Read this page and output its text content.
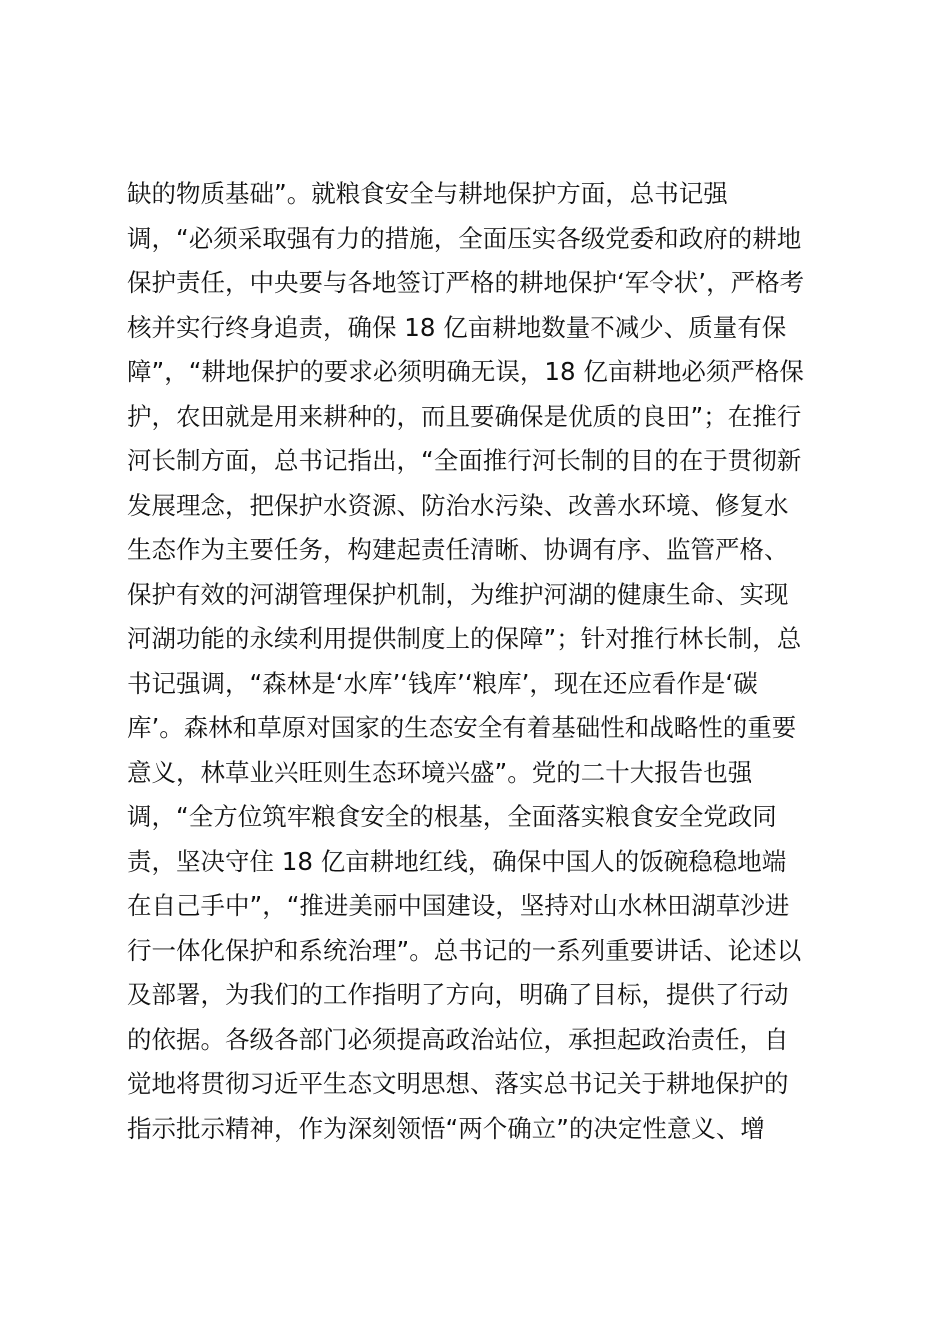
缺的物质基础”。就粮食安全与耕地保护方面，总书记强
调，“必须采取强有力的措施，全面压实各级党委和政府的耕地
保护责任，中央要与各地签订严格的耕地保护‘军令状’，严格考
核并实行终身追责，确保 18 亿亩耕地数量不减少、质量有保
障”，“耕地保护的要求必须明确无误，18 亿亩耕地必须严格保
护，农田就是用来耕种的，而且要确保是优质的良田”；在推行
河长制方面，总书记指出，“全面推行河长制的目的在于贯彻新
发展理念，把保护水资源、防治水污染、改善水环境、修复水
生态作为主要任务，构建起责任清晰、协调有序、监管严格、
保护有效的河湖管理保护机制，为维护河湖的健康生命、实现
河湖功能的永续利用提供制度上的保障”；针对推行林长制，总
书记强调，“森林是‘水库’‘钱库’‘粮库’，现在还应看作是‘碳
库’。森林和草原对国家的生态安全有着基础性和战略性的重要
意义，林草业兴旺则生态环境兴盛”。党的二十大报告也强
调，“全方位筑牢粮食安全的根基，全面落实粮食安全党政同
责，坚决守住 18 亿亩耕地红线，确保中国人的饭碗稳稳地端
在自己手中”，“推进美丽中国建设，坚持对山水林田湖草沙进
行一体化保护和系统治理”。总书记的一系列重要讲话、论述以
及部署，为我们的工作指明了方向，明确了目标，提供了行动
的依据。各级各部门必须提高政治站位，承担起政治责任，自
觉地将贯彻习近平生态文明思想、落实总书记关于耕地保护的
指示批示精神，作为深刻领悟“两个确立”的决定性意义、增
